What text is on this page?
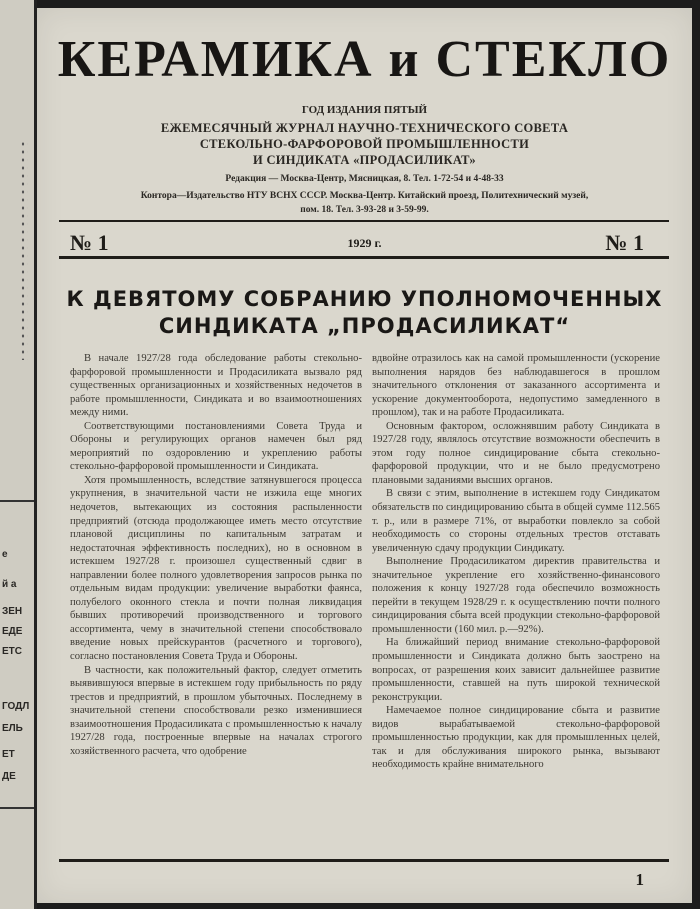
е
й а
ЗЕН
ЕДЕ
ЕТС
ГОДЛ
ЕЛЬ
ЕТ
ДЕ
КЕРАМИКА и СТЕКЛО
ГОД ИЗДАНИЯ ПЯТЫЙ
ЕЖЕМЕСЯЧНЫЙ ЖУРНАЛ НАУЧНО-ТЕХНИЧЕСКОГО СОВЕТА
СТЕКОЛЬНО-ФАРФОРОВОЙ ПРОМЫШЛЕННОСТИ
И СИНДИКАТА «ПРОДАСИЛИКАТ»
Редакция — Москва-Центр, Мясницкая, 8. Тел. 1-72-54 и 4-48-33
Контора—Издательство НТУ ВСНХ СССР. Москва-Центр. Китайский проезд, Политехнический музей,
пом. 18. Тел. 3-93-28 и 3-59-99.
№ 1	1929 г.	№ 1
К ДЕВЯТОМУ СОБРАНИЮ УПОЛНОМОЧЕННЫХ
СИНДИКАТА „ПРОДАСИЛИКАТ“

В начале 1927/28 года обследование работы стекольно-фарфоровой промышленности и Продасиликата вызвало ряд существенных организационных и хозяйственных недочетов в работе промышленности, Синдиката и во взаимоотношениях между ними.

Соответствующими постановлениями Совета Труда и Обороны и регулирующих органов намечен был ряд мероприятий по оздоровлению и укреплению работы стекольно-фарфоровой промышленности и Синдиката.

Хотя промышленность, вследствие затянувшегося процесса укрупнения, в значительной части не изжила еще многих недочетов, вытекающих из состояния распыленности предприятий (отсюда продолжающее иметь место отсутствие плановой дисциплины по капитальным затратам и недостаточная эффективность последних), но в основном в истекшем 1927/28 г. произошел существенный сдвиг в направлении более полного удовлетворения запросов рынка по отдельным видам продукции: увеличение выработки фаянса, полубелого оконного стекла и почти полная ликвидация бывших противоречий производственного и торгового ассортимента, чему в значительной степени способствовало введение новых прейскурантов (расчетного и торгового), согласно постановления Совета Труда и Обороны.

В частности, как положительный фактор, следует отметить выявившуюся впервые в истекшем году прибыльность по ряду трестов и предприятий, в прошлом убыточных. Последнему в значительной степени способствовали резко изменившиеся взаимоотношения Продасиликата с промышленностью к началу 1927/28 года, построенные впервые на началах строгого хозяйственного расчета, что одобрение

вдвойне отразилось как на самой промышленности (ускорение выполнения нарядов без наблюдавшегося в прошлом значительного отклонения от заказанного ассортимента и ускорение документооборота, недопустимо замедленного в прошлом), так и на работе Продасиликата.

Основным фактором, осложнявшим работу Синдиката в 1927/28 году, являлось отсутствие возможности обеспечить в этом году полное синдицирование сбыта стекольно-фарфоровой продукции, что и не было предусмотрено плановыми заданиями высших органов.

В связи с этим, выполнение в истекшем году Синдикатом обязательств по синдицированию сбыта в общей сумме 112.565 т. р., или в размере 71%, от выработки повлекло за собой необходимость со стороны отдельных трестов отставать увеличенную сдачу продукции Синдикату.

Выполнение Продасиликатом директив правительства и значительное укрепление его хозяйственно-финансового положения к концу 1927/28 года обеспечило возможность перейти в текущем 1928/29 г. к осуществлению почти полного синдицирования сбыта всей продукции стекольно-фарфоровой промышленности (160 мил. р.—92%).

На ближайший период внимание стекольно-фарфоровой промышленности и Синдиката должно быть заострено на вопросах, от разрешения коих зависит дальнейшее развитие промышленности, ставшей на путь широкой технической реконструкции.

Намечаемое полное синдицирование сбыта и развитие видов вырабатываемой стекольно-фарфоровой промышленностью продукции, как для промышленных целей, так и для обслуживания широкого рынка, вызывают необходимость крайне внимательного

1
